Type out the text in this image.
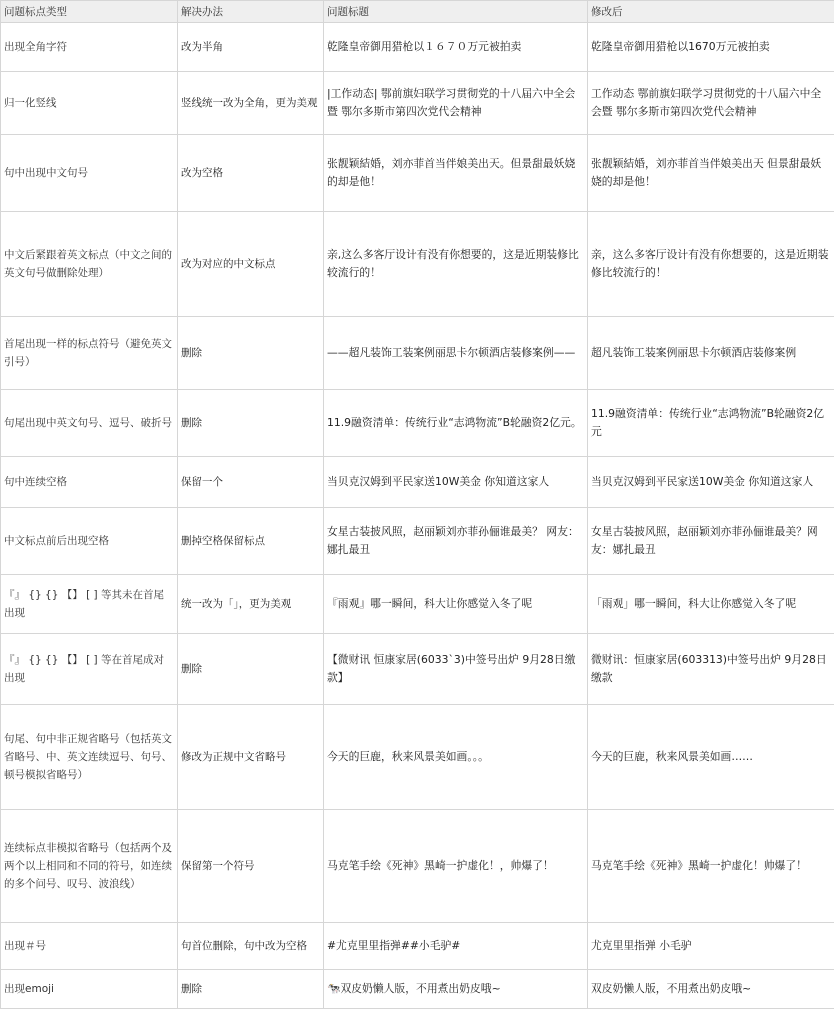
问题标点类型	解决办法	问题标题	修改后
出现全角字符	改为半角	乾隆皇帝御用猎枪以１６７０万元被拍卖	乾隆皇帝御用猎枪以1670万元被拍卖
归一化竖线	竖线统一改为全角，更为美观	|工作动态| 鄂前旗妇联学习贯彻党的十八届六中全会暨 鄂尔多斯市第四次党代会精神	工作动态 鄂前旗妇联学习贯彻党的十八届六中全会暨 鄂尔多斯市第四次党代会精神
句中出现中文句号	改为空格	张靓颖結婚，刘亦菲首当伴娘美出天。但景甜最妖娆的却是他！	张靓颖結婚，刘亦菲首当伴娘美出天 但景甜最妖娆的却是他！
中文后紧跟着英文标点（中文之间的英文句号做删除处理）	改为对应的中文标点	亲,这么多客厅设计有没有你想要的，这是近期装修比较流行的！	亲，这么多客厅设计有没有你想要的，这是近期装修比较流行的！
首尾出现一样的标点符号（避免英文引号）	删除	——超凡装饰工装案例丽思卡尔顿酒店装修案例——	超凡装饰工装案例丽思卡尔顿酒店装修案例
句尾出现中英文句号、逗号、破折号	删除	11.9融资清单：传统行业“志鸿物流”B轮融资2亿元。	11.9融资清单：传统行业“志鸿物流”B轮融资2亿元
句中连续空格	保留一个	当贝克汉姆到平民家送10W美金 你知道这家人	当贝克汉姆到平民家送10W美金 你知道这家人
中文标点前后出现空格	删掉空格保留标点	女星古装披风照，赵丽颖刘亦菲孙俪谁最美？ 网友：娜扎最丑	女星古装披风照，赵丽颖刘亦菲孙俪谁最美？网友：娜扎最丑
『』 {} {} 【】 [ ] 等其未在首尾出现	统一改为「」，更为美观	『雨观』哪一瞬间，科大让你感觉入冬了呢	「雨观」哪一瞬间，科大让你感觉入冬了呢
『』 {} {} 【】 [ ] 等在首尾成对出现	删除	【微财讯 恒康家居(6033`3)中签号出炉 9月28日缴款】	微财讯：恒康家居(603313)中签号出炉 9月28日缴款
句尾、句中非正规省略号（包括英文省略号、中、英文连续逗号、句号、顿号模拟省略号）	修改为正规中文省略号	今天的巨鹿，秋来风景美如画。。。	今天的巨鹿，秋来风景美如画……
连续标点非模拟省略号（包括两个及两个以上相同和不同的符号，如连续的多个问号、叹号、波浪线）	保留第一个符号	马克笔手绘《死神》黑崎一护虚化！，帅爆了！	马克笔手绘《死神》黑崎一护虚化！帅爆了！
出现＃号	句首位删除，句中改为空格	#尤克里里指弹##小毛驴#	尤克里里指弹 小毛驴
出现emoji	删除	🐄双皮奶懒人版，不用煮出奶皮哦~	双皮奶懒人版，不用煮出奶皮哦~
